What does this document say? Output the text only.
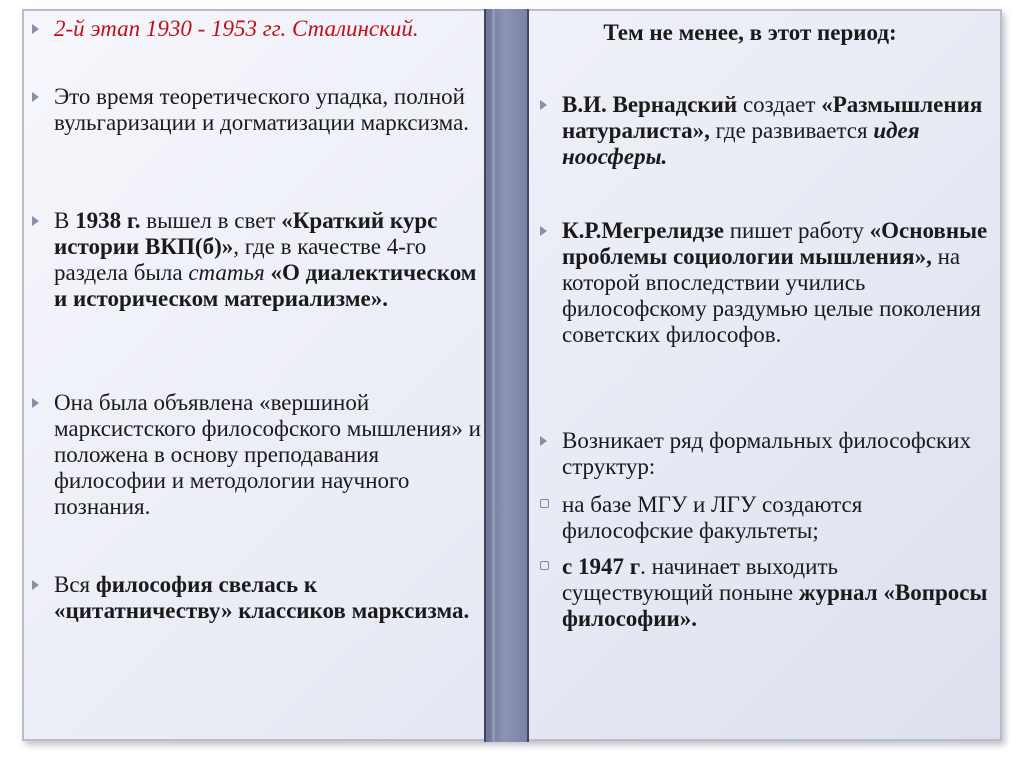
2-й этап 1930 - 1953 гг. Сталинский.
Это время теоретического упадка, полной вульгаризации и догматизации марксизма.
В 1938 г. вышел в свет «Краткий курс истории ВКП(б)», где в качестве 4-го раздела была статья «О диалектическом и историческом материализме».
Она была объявлена «вершиной марксистского философского мышления» и положена в основу преподавания философии и методологии научного познания.
Вся философия свелась к «цитатничеству» классиков марксизма.
Тем не менее, в этот период:
В.И. Вернадский создает «Размышления натуралиста», где развивается идея ноосферы.
К.Р.Мегрелидзе пишет работу «Основные проблемы социологии мышления», на которой впоследствии учились философскому раздумью целые поколения советских философов.
Возникает ряд формальных философских структур:
на базе МГУ и ЛГУ создаются философские факультеты;
с 1947 г. начинает выходить существующий поныне журнал «Вопросы философии».
